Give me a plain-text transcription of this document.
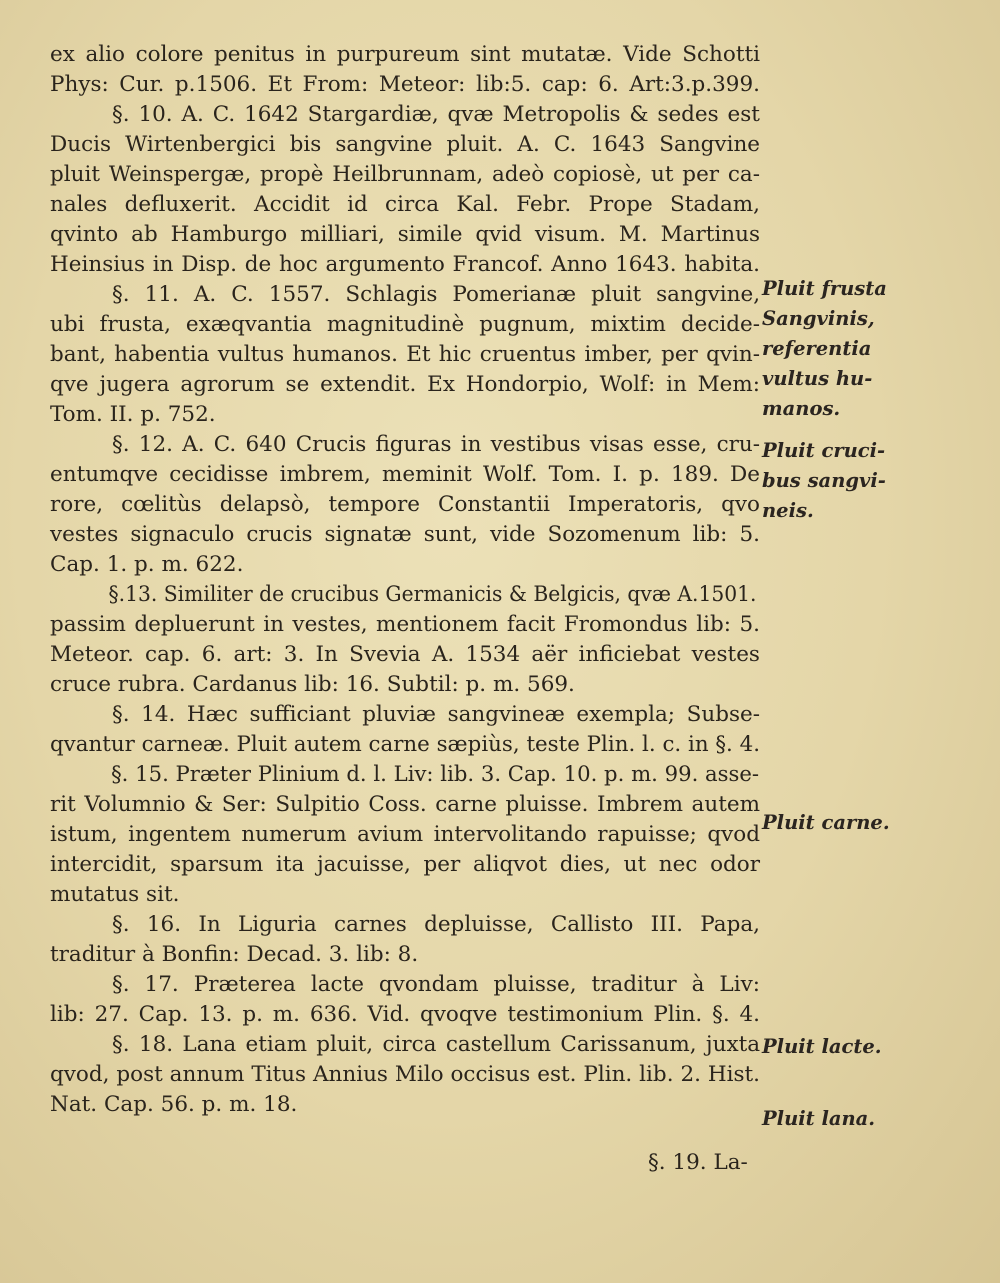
ex alio colore penitus in purpureum sint mutatæ. Vide Schotti
Phys: Cur. p.1506. Et From: Meteor: lib:5. cap: 6. Art:3.p.399.
§. 10. A. C. 1642 Stargardiæ, qvæ Metropolis & sedes est
Ducis Wirtenbergici bis sangvine pluit. A. C. 1643 Sangvine
pluit Weinspergæ, propè Heilbrunnam, adeò copiosè, ut per ca-
nales defluxerit. Accidit id circa Kal. Febr. Prope Stadam,
qvinto ab Hamburgo milliari, simile qvid visum. M. Martinus
Heinsius in Disp. de hoc argumento Francof. Anno 1643. habita.
§. 11. A. C. 1557. Schlagis Pomerianæ pluit sangvine,
ubi frusta, exæqvantia magnitudinè pugnum, mixtim decide-
bant, habentia vultus humanos. Et hic cruentus imber, per qvin-
qve jugera agrorum se extendit. Ex Hondorpio, Wolf: in Mem:
Tom. II. p. 752.
§. 12. A. C. 640 Crucis figuras in vestibus visas esse, cru-
entumqve cecidisse imbrem, meminit Wolf. Tom. I. p. 189. De
rore, cœlitùs delapsò, tempore Constantii Imperatoris, qvo
vestes signaculo crucis signatæ sunt, vide Sozomenum lib: 5.
Cap. 1. p. m. 622.
§.13. Similiter de crucibus Germanicis & Belgicis, qvæ A.1501.
passim depluerunt in vestes, mentionem facit Fromondus lib: 5.
Meteor. cap. 6. art: 3. In Svevia A. 1534 aër inficiebat vestes
cruce rubra. Cardanus lib: 16. Subtil: p. m. 569.
§. 14. Hæc sufficiant pluviæ sangvineæ exempla; Subse-
qvantur carneæ. Pluit autem carne sæpiùs, teste Plin. l. c. in §. 4.
§. 15. Præter Plinium d. l. Liv: lib. 3. Cap. 10. p. m. 99. asse-
rit Volumnio & Ser: Sulpitio Coss. carne pluisse. Imbrem autem
istum, ingentem numerum avium intervolitando rapuisse; qvod
intercidit, sparsum ita jacuisse, per aliqvot dies, ut nec odor
mutatus sit.
§. 16. In Liguria carnes depluisse, Callisto III. Papa,
traditur à Bonfin: Decad. 3. lib: 8.
§. 17. Præterea lacte qvondam pluisse, traditur à Liv:
lib: 27. Cap. 13. p. m. 636. Vid. qvoqve testimonium Plin. §. 4.
§. 18. Lana etiam pluit, circa castellum Carissanum, juxta
qvod, post annum Titus Annius Milo occisus est. Plin. lib. 2. Hist.
Nat. Cap. 56. p. m. 18.
Pluit frusta
Sangvinis,
referentia
vultus hu-
manos.
Pluit cruci-
bus sangvi-
neis.
Pluit carne.
Pluit lacte.
Pluit lana.
§. 19. La-
